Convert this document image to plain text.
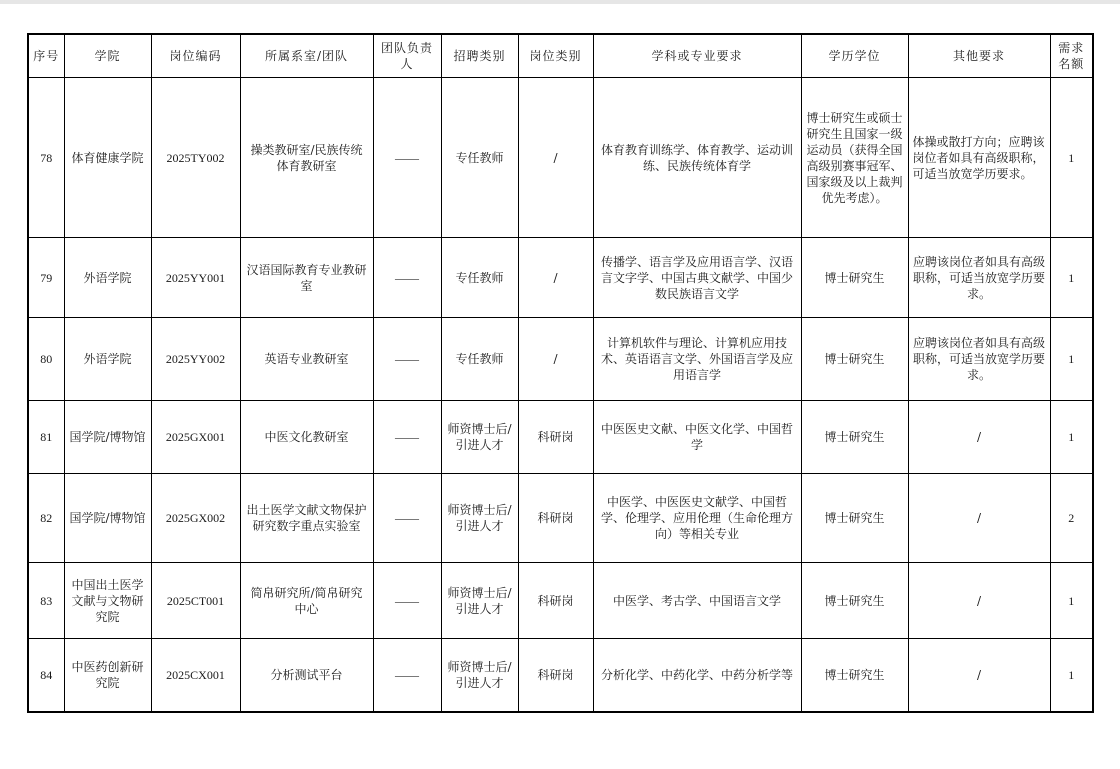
序号	学院	岗位编码	所属系室/团队	团队负责人	招聘类别	岗位类别	学科或专业要求	学历学位	其他要求	需求名额
78	体育健康学院	2025TY002	操类教研室/民族传统体育教研室	——	专任教师	/	体育教育训练学、体育教学、运动训练、民族传统体育学	博士研究生或硕士研究生且国家一级运动员（获得全国高级别赛事冠军、国家级及以上裁判优先考虑）。	体操或散打方向；应聘该岗位者如具有高级职称，可适当放宽学历要求。	1
79	外语学院	2025YY001	汉语国际教育专业教研室	——	专任教师	/	传播学、语言学及应用语言学、汉语言文字学、中国古典文献学、中国少数民族语言文学	博士研究生	应聘该岗位者如具有高级职称，可适当放宽学历要求。	1
80	外语学院	2025YY002	英语专业教研室	——	专任教师	/	计算机软件与理论、计算机应用技术、英语语言文学、外国语言学及应用语言学	博士研究生	应聘该岗位者如具有高级职称，可适当放宽学历要求。	1
81	国学院/博物馆	2025GX001	中医文化教研室	——	师资博士后/引进人才	科研岗	中医医史文献、中医文化学、中国哲学	博士研究生	/	1
82	国学院/博物馆	2025GX002	出土医学文献文物保护研究数字重点实验室	——	师资博士后/引进人才	科研岗	中医学、中医医史文献学、中国哲学、伦理学、应用伦理（生命伦理方向）等相关专业	博士研究生	/	2
83	中国出土医学文献与文物研究院	2025CT001	简帛研究所/简帛研究中心	——	师资博士后/引进人才	科研岗	中医学、考古学、中国语言文学	博士研究生	/	1
84	中医药创新研究院	2025CX001	分析测试平台	——	师资博士后/引进人才	科研岗	分析化学、中药化学、中药分析学等	博士研究生	/	1
